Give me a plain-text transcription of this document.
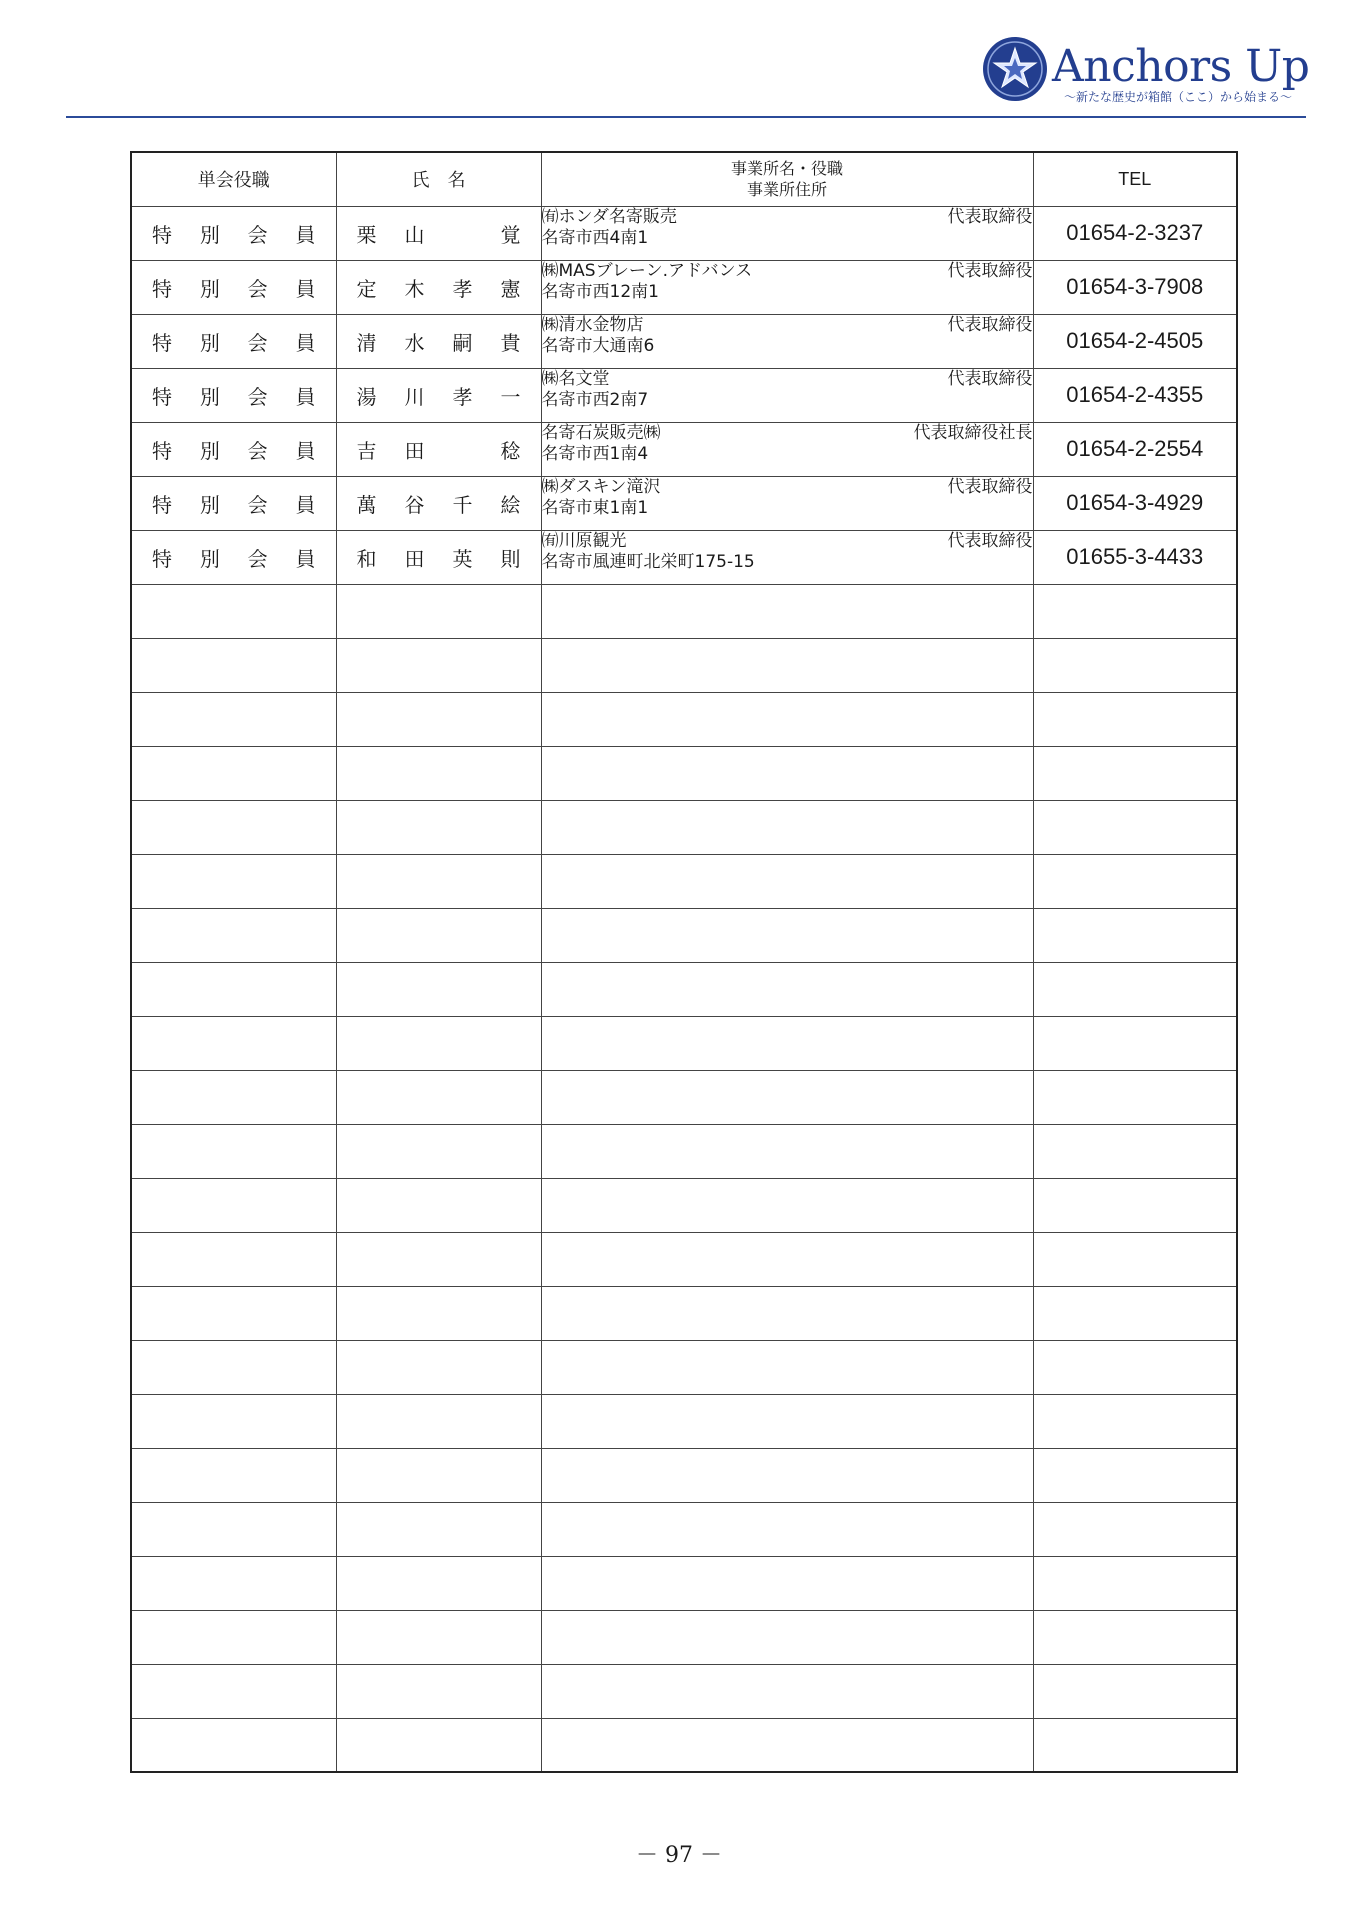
Anchors Up
～新たな歴史が箱館（ここ）から始まる～
単会役職	氏　名	事業所名・役職
事業所住所	TEL

特別会員	栗山　覚	㈲ホンダ名寄販売 代表取締役
名寄市西4南1	01654-2-3237

特別会員	定木孝憲	㈱MASブレーン.アドバンス 代表取締役
名寄市西12南1	01654-3-7908

特別会員	清水嗣貴	㈱清水金物店 代表取締役
名寄市大通南6	01654-2-4505

特別会員	湯川孝一	㈱名文堂 代表取締役
名寄市西2南7	01654-2-4355

特別会員	吉田　稔	名寄石炭販売㈱ 代表取締役社長
名寄市西1南4	01654-2-2554

特別会員	萬谷千絵	㈱ダスキン滝沢 代表取締役
名寄市東1南1	01654-3-4929

特別会員	和田英則	㈲川原観光 代表取締役
名寄市風連町北栄町175-15	01655-3-4433

－ 97 －
